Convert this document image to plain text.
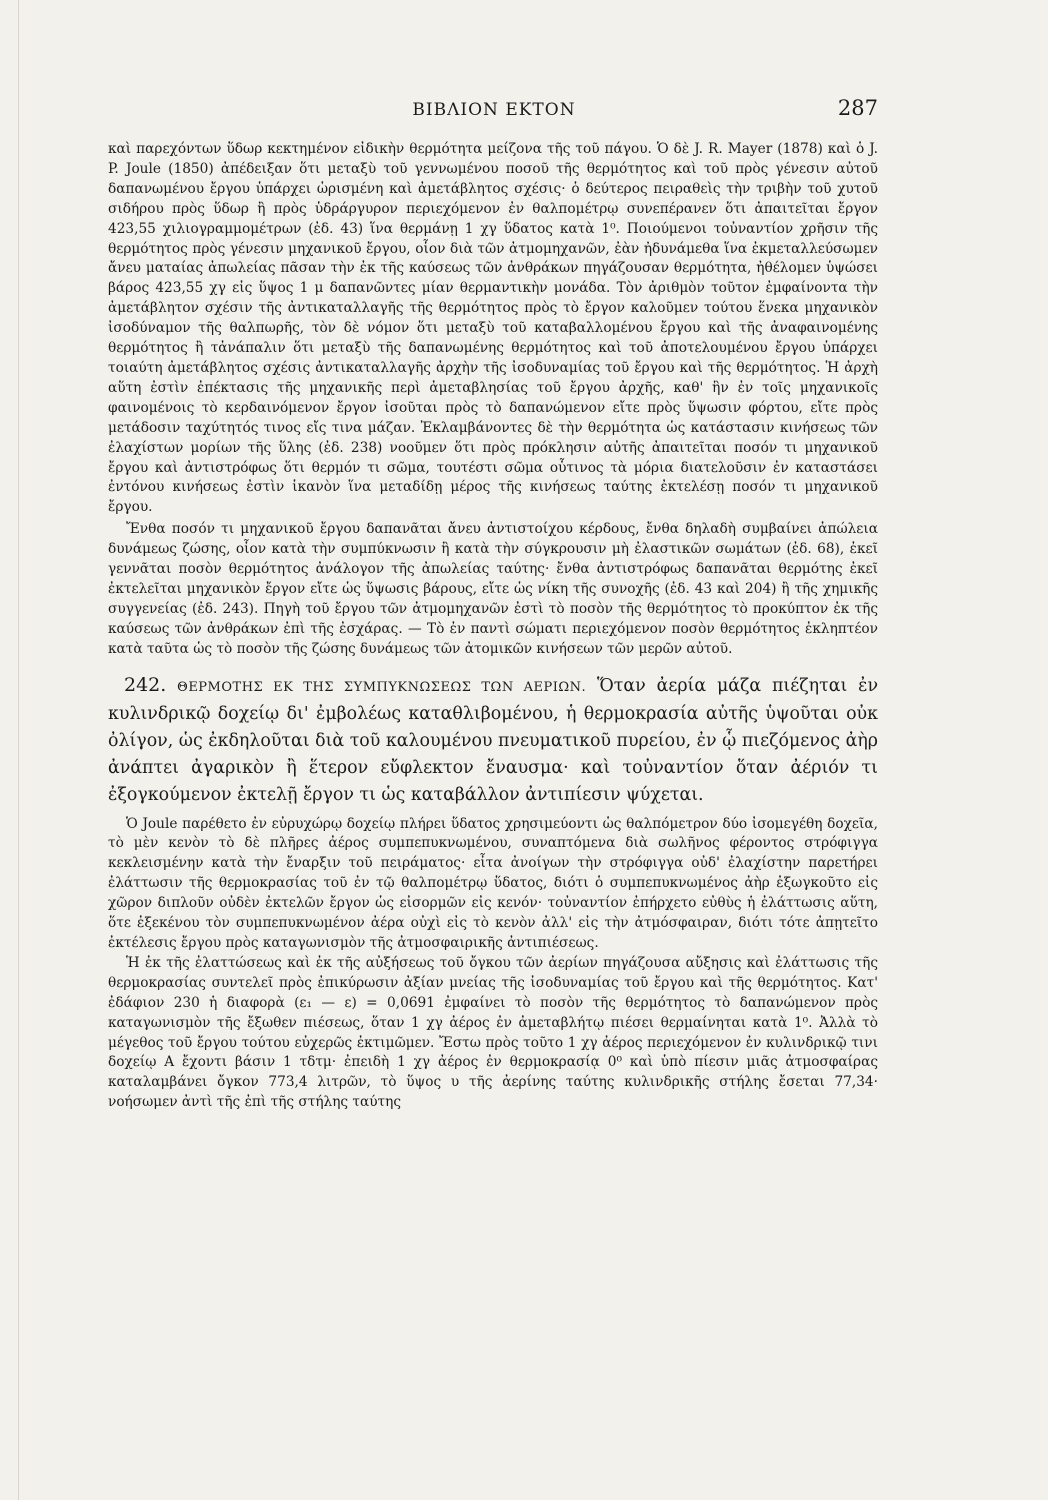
ΒΙΒΛΙΟΝ ΕΚΤΟΝ	287

καὶ παρεχόντων ὕδωρ κεκτημένον εἰδικὴν θερμότητα μείζονα τῆς τοῦ πάγου. Ὁ δὲ J. R. Mayer (1878) καὶ ὁ J. P. Joule (1850) ἀπέδειξαν ὅτι μεταξὺ τοῦ γεννωμένου ποσοῦ τῆς θερμότητος καὶ τοῦ πρὸς γένεσιν αὐτοῦ δαπανωμένου ἔργου ὑπάρχει ὡρισμένη καὶ ἀμετάβλητος σχέσις· ὁ δεύτερος πειραθεὶς τὴν τριβὴν τοῦ χυτοῦ σιδήρου πρὸς ὕδωρ ἢ πρὸς ὑδράργυρον περιεχόμενον ἐν θαλπομέτρῳ συνεπέρανεν ὅτι ἀπαιτεῖται ἔργον 423,55 χιλιογραμμομέτρων (ἐδ. 43) ἵνα θερμάνῃ 1 χγ ὕδατος κατὰ 1⁰. Ποιούμενοι τοὐναντίον χρῆσιν τῆς θερμότητος πρὸς γένεσιν μηχανικοῦ ἔργου, οἷον διὰ τῶν ἀτμομηχανῶν, ἐὰν ἠδυνάμεθα ἵνα ἐκμεταλλεύσωμεν ἄνευ ματαίας ἀπωλείας πᾶσαν τὴν ἐκ τῆς καύσεως τῶν ἀνθράκων πηγάζουσαν θερμότητα, ἠθέλομεν ὑψώσει βάρος 423,55 χγ εἰς ὕψος 1 μ δαπανῶντες μίαν θερμαντικὴν μονάδα. Τὸν ἀριθμὸν τοῦτον ἐμφαίνοντα τὴν ἀμετάβλητον σχέσιν τῆς ἀντικαταλλαγῆς τῆς θερμότητος πρὸς τὸ ἔργον καλοῦμεν τούτου ἕνεκα μηχανικὸν ἰσοδύναμον τῆς θαλπωρῆς, τὸν δὲ νόμον ὅτι μεταξὺ τοῦ καταβαλλομένου ἔργου καὶ τῆς ἀναφαινομένης θερμότητος ἢ τἀνάπαλιν ὅτι μεταξὺ τῆς δαπανωμένης θερμότητος καὶ τοῦ ἀποτελουμένου ἔργου ὑπάρχει τοιαύτη ἀμετάβλητος σχέσις ἀντικαταλλαγῆς ἀρχὴν τῆς ἰσοδυναμίας τοῦ ἔργου καὶ τῆς θερμότητος. Ἡ ἀρχὴ αὕτη ἐστὶν ἐπέκτασις τῆς μηχανικῆς περὶ ἀμεταβλησίας τοῦ ἔργου ἀρχῆς, καθ' ἣν ἐν τοῖς μηχανικοῖς φαινομένοις τὸ κερδαινόμενον ἔργον ἰσοῦται πρὸς τὸ δαπανώμενον εἴτε πρὸς ὕψωσιν φόρτου, εἴτε πρὸς μετάδοσιν ταχύτητός τινος εἴς τινα μάζαν. Ἐκλαμβάνοντες δὲ τὴν θερμότητα ὡς κατάστασιν κινήσεως τῶν ἐλαχίστων μορίων τῆς ὕλης (ἐδ. 238) νοοῦμεν ὅτι πρὸς πρόκλησιν αὐτῆς ἀπαιτεῖται ποσόν τι μηχανικοῦ ἔργου καὶ ἀντιστρόφως ὅτι θερμόν τι σῶμα, τουτέστι σῶμα οὗτινος τὰ μόρια διατελοῦσιν ἐν καταστάσει ἐντόνου κινήσεως ἐστὶν ἱκανὸν ἵνα μεταδίδῃ μέρος τῆς κινήσεως ταύτης ἐκτελέσῃ ποσόν τι μηχανικοῦ ἔργου.

Ἔνθα ποσόν τι μηχανικοῦ ἔργου δαπανᾶται ἄνευ ἀντιστοίχου κέρδους, ἔνθα δηλαδὴ συμβαίνει ἀπώλεια δυνάμεως ζώσης, οἷον κατὰ τὴν συμπύκνωσιν ἢ κατὰ τὴν σύγκρουσιν μὴ ἐλαστικῶν σωμάτων (ἐδ. 68), ἐκεῖ γεννᾶται ποσὸν θερμότητος ἀνάλογον τῆς ἀπωλείας ταύτης· ἔνθα ἀντιστρόφως δαπανᾶται θερμότης ἐκεῖ ἐκτελεῖται μηχανικὸν ἔργον εἴτε ὡς ὕψωσις βάρους, εἴτε ὡς νίκη τῆς συνοχῆς (ἐδ. 43 καὶ 204) ἢ τῆς χημικῆς συγγενείας (ἐδ. 243). Πηγὴ τοῦ ἔργου τῶν ἀτμομηχανῶν ἐστὶ τὸ ποσὸν τῆς θερμότητος τὸ προκύπτον ἐκ τῆς καύσεως τῶν ἀνθράκων ἐπὶ τῆς ἐσχάρας. — Τὸ ἐν παντὶ σώματι περιεχόμενον ποσὸν θερμότητος ἐκληπτέον κατὰ ταῦτα ὡς τὸ ποσὸν τῆς ζώσης δυνάμεως τῶν ἀτομικῶν κινήσεων τῶν μερῶν αὐτοῦ.

242. ΘΕΡΜΟΤΗΣ ΕΚ ΤΗΣ ΣΥΜΠΥΚΝΩΣΕΩΣ ΤΩΝ ΑΕΡΙΩΝ. Ὅταν ἀερία μάζα πιέζηται ἐν κυλινδρικῷ δοχείῳ δι' ἐμβολέως καταθλιβομένου, ἡ θερμοκρασία αὐτῆς ὑψοῦται οὐκ ὀλίγον, ὡς ἐκδηλοῦται διὰ τοῦ καλουμένου πνευματικοῦ πυρείου, ἐν ᾧ πιεζόμενος ἀὴρ ἀνάπτει ἀγαρικὸν ἢ ἕτερον εὔφλεκτον ἔναυσμα· καὶ τοὐναντίον ὅταν ἀέριόν τι ἐξογκούμενον ἐκτελῇ ἔργον τι ὡς καταβάλλον ἀντιπίεσιν ψύχεται.

Ὁ Joule παρέθετο ἐν εὐρυχώρῳ δοχείῳ πλήρει ὕδατος χρησιμεύοντι ὡς θαλπόμετρον δύο ἰσομεγέθη δοχεῖα, τὸ μὲν κενὸν τὸ δὲ πλῆρες ἀέρος συμπεπυκνωμένου, συναπτόμενα διὰ σωλῆνος φέροντος στρόφιγγα κεκλεισμένην κατὰ τὴν ἔναρξιν τοῦ πειράματος· εἶτα ἀνοίγων τὴν στρόφιγγα οὐδ' ἐλαχίστην παρετήρει ἐλάττωσιν τῆς θερμοκρασίας τοῦ ἐν τῷ θαλπομέτρῳ ὕδατος, διότι ὁ συμπεπυκνωμένος ἀὴρ ἐξωγκοῦτο εἰς χῶρον διπλοῦν οὐδὲν ἐκτελῶν ἔργον ὡς εἰσορμῶν εἰς κενόν· τοὐναντίον ἐπήρχετο εὐθὺς ἡ ἐλάττωσις αὕτη, ὅτε ἐξεκένου τὸν συμπεπυκνωμένον ἀέρα οὐχὶ εἰς τὸ κενὸν ἀλλ' εἰς τὴν ἀτμόσφαιραν, διότι τότε ἀπῃτεῖτο ἐκτέλεσις ἔργου πρὸς καταγωνισμὸν τῆς ἀτμοσφαιρικῆς ἀντιπιέσεως.

Ἡ ἐκ τῆς ἐλαττώσεως καὶ ἐκ τῆς αὐξήσεως τοῦ ὄγκου τῶν ἀερίων πηγάζουσα αὔξησις καὶ ἐλάττωσις τῆς θερμοκρασίας συντελεῖ πρὸς ἐπικύρωσιν ἀξίαν μνείας τῆς ἰσοδυναμίας τοῦ ἔργου καὶ τῆς θερμότητος. Κατ' ἐδάφιον 230 ἡ διαφορὰ (ε₁ — ε) = 0,0691 ἐμφαίνει τὸ ποσὸν τῆς θερμότητος τὸ δαπανώμενον πρὸς καταγωνισμὸν τῆς ἔξωθεν πιέσεως, ὅταν 1 χγ ἀέρος ἐν ἀμεταβλήτῳ πιέσει θερμαίνηται κατὰ 1⁰. Ἀλλὰ τὸ μέγεθος τοῦ ἔργου τούτου εὐχερῶς ἐκτιμῶμεν. Ἔστω πρὸς τοῦτο 1 χγ ἀέρος περιεχόμενον ἐν κυλινδρικῷ τινι δοχείῳ Α ἔχοντι βάσιν 1 τδτμ· ἐπειδὴ 1 χγ ἀέρος ἐν θερμοκρασίᾳ 0⁰ καὶ ὑπὸ πίεσιν μιᾶς ἀτμοσφαίρας καταλαμβάνει ὄγκον 773,4 λιτρῶν, τὸ ὕψος υ τῆς ἀερίνης ταύτης κυλινδρικῆς στήλης ἔσεται 77,34· νοήσωμεν ἀντὶ τῆς ἐπὶ τῆς στήλης ταύτης
